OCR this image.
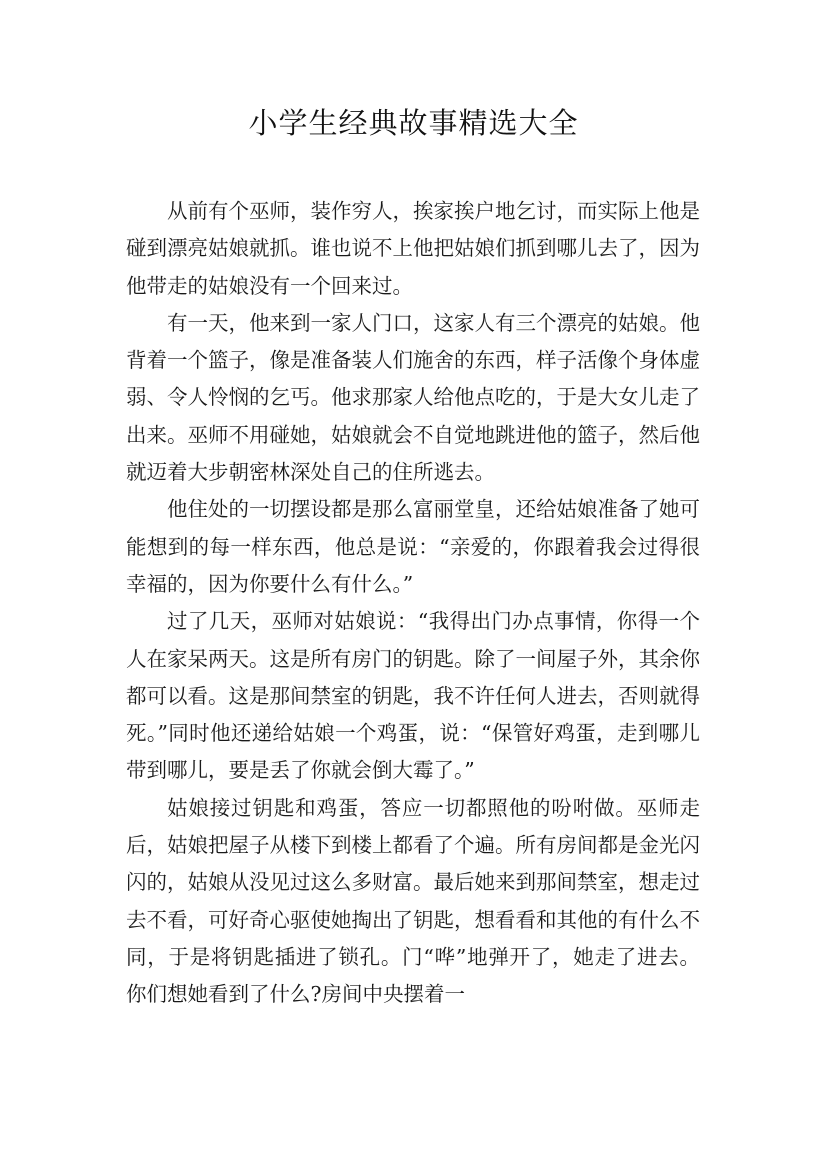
小学生经典故事精选大全

从前有个巫师，装作穷人，挨家挨户地乞讨，而实际上他是碰到漂亮姑娘就抓。谁也说不上他把姑娘们抓到哪儿去了，因为他带走的姑娘没有一个回来过。

有一天，他来到一家人门口，这家人有三个漂亮的姑娘。他背着一个篮子，像是准备装人们施舍的东西，样子活像个身体虚弱、令人怜悯的乞丐。他求那家人给他点吃的，于是大女儿走了出来。巫师不用碰她，姑娘就会不自觉地跳进他的篮子，然后他就迈着大步朝密林深处自己的住所逃去。

他住处的一切摆设都是那么富丽堂皇，还给姑娘准备了她可能想到的每一样东西，他总是说：“亲爱的，你跟着我会过得很幸福的，因为你要什么有什么。”

过了几天，巫师对姑娘说：“我得出门办点事情，你得一个人在家呆两天。这是所有房门的钥匙。除了一间屋子外，其余你都可以看。这是那间禁室的钥匙，我不许任何人进去，否则就得死。”同时他还递给姑娘一个鸡蛋，说：“保管好鸡蛋，走到哪儿带到哪儿，要是丢了你就会倒大霉了。”

姑娘接过钥匙和鸡蛋，答应一切都照他的吩咐做。巫师走后，姑娘把屋子从楼下到楼上都看了个遍。所有房间都是金光闪闪的，姑娘从没见过这么多财富。最后她来到那间禁室，想走过去不看，可好奇心驱使她掏出了钥匙，想看看和其他的有什么不同，于是将钥匙插进了锁孔。门“哗”地弹开了，她走了进去。你们想她看到了什么?房间中央摆着一
